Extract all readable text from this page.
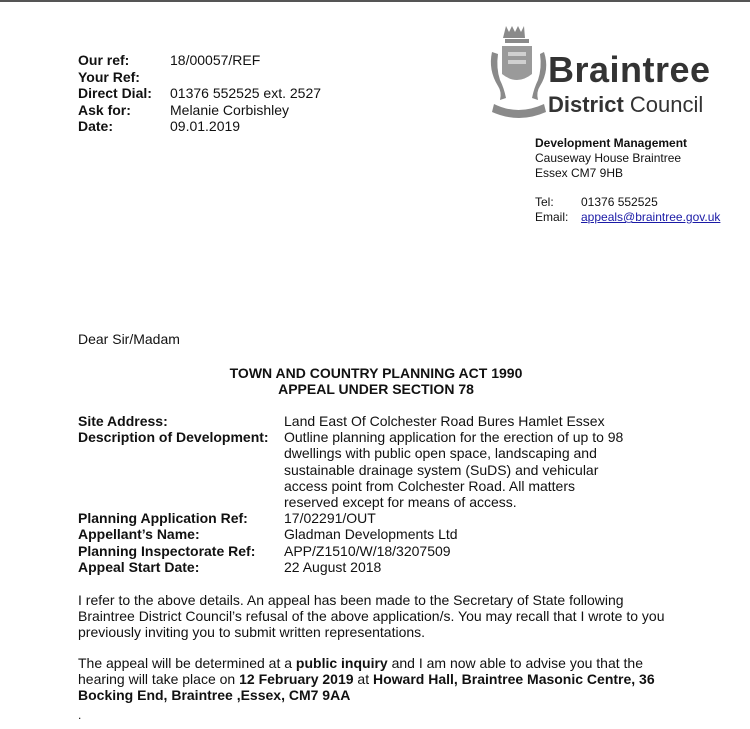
Our ref:	18/00057/REF
Your Ref:
Direct Dial:	01376 552525 ext. 2527
Ask for:	Melanie Corbishley
Date:	09.01.2019
Braintree
District Council
Development Management
Causeway House Braintree
Essex CM7 9HB
Tel:	01376 552525
Email:	appeals@braintree.gov.uk
Dear Sir/Madam
TOWN AND COUNTRY PLANNING ACT 1990
APPEAL UNDER SECTION 78
Site Address:	Land East Of Colchester Road Bures Hamlet Essex
Description of Development:	Outline planning application for the erection of up to 98 dwellings with public open space, landscaping and sustainable drainage system (SuDS) and vehicular access point from Colchester Road. All matters reserved except for means of access.
Planning Application Ref:	17/02291/OUT
Appellant’s Name:	Gladman Developments Ltd
Planning Inspectorate Ref:	APP/Z1510/W/18/3207509
Appeal Start Date:	22 August 2018
I refer to the above details. An appeal has been made to the Secretary of State following Braintree District Council’s refusal of the above application/s. You may recall that I wrote to you previously inviting you to submit written representations.
The appeal will be determined at a public inquiry and I am now able to advise you that the hearing will take place on 12 February 2019 at Howard Hall, Braintree Masonic Centre, 36 Bocking End, Braintree ,Essex, CM7 9AA
.
